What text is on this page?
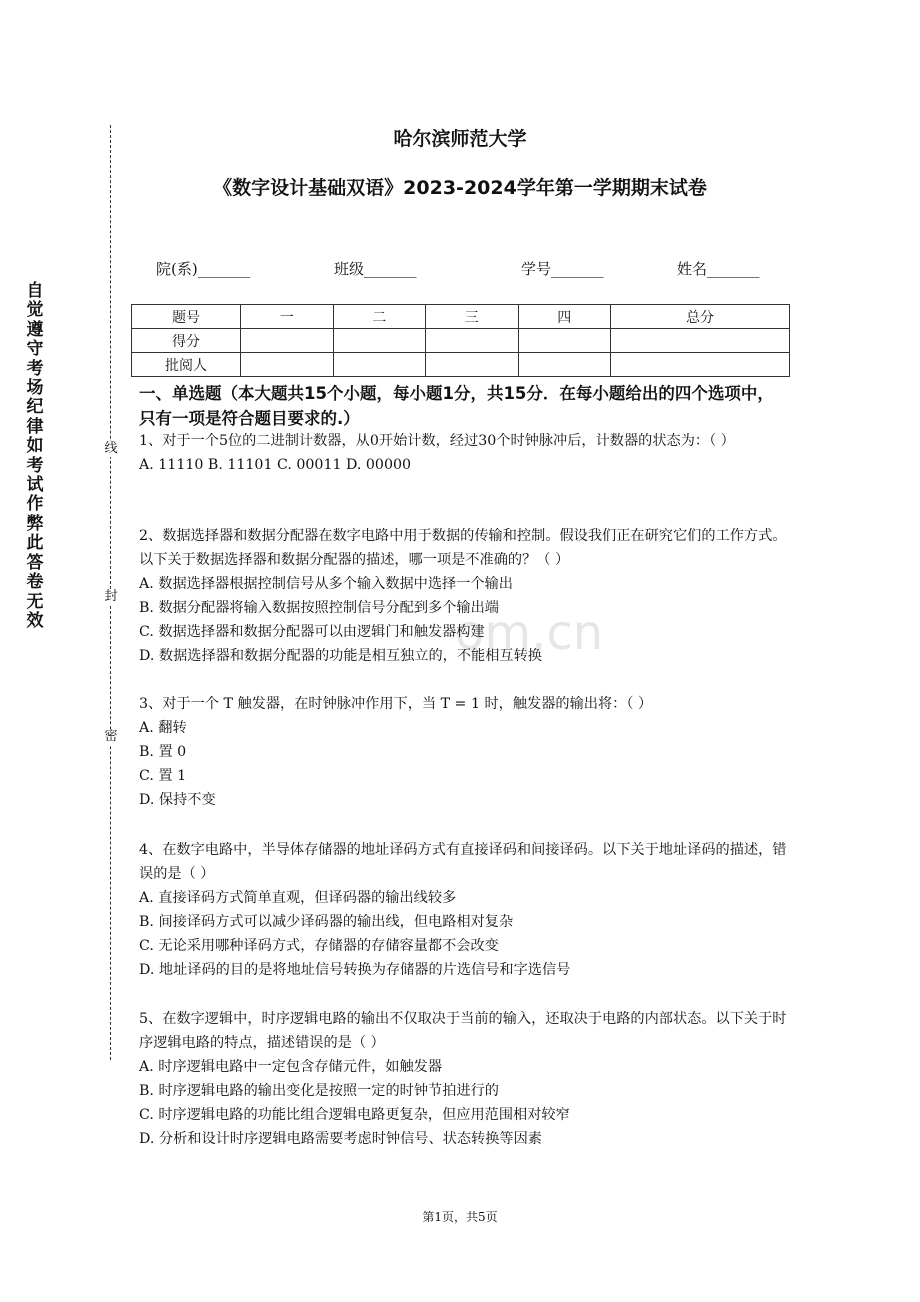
om.cn
线
封
密
自
觉
遵
守
考
场
纪
律
如
考
试
作
弊
此
答
卷
无
效
哈尔滨师范大学
《数字设计基础双语》2023-2024学年第一学期期末试卷
院(系)_______	班级_______	学号_______	姓名_______
题号	一	二	三	四	总分
得分					
批阅人					
一、单选题（本大题共15个小题，每小题1分，共15分．在每小题给出的四个选项中，只有一项是符合题目要求的.）

1、对于一个5位的二进制计数器，从0开始计数，经过30个时钟脉冲后，计数器的状态为：（ ）

A. 11110 B. 11101 C. 00011 D. 00000

2、数据选择器和数据分配器在数字电路中用于数据的传输和控制。假设我们正在研究它们的工作方式。以下关于数据选择器和数据分配器的描述，哪一项是不准确的？（ ）

A. 数据选择器根据控制信号从多个输入数据中选择一个输出

B. 数据分配器将输入数据按照控制信号分配到多个输出端

C. 数据选择器和数据分配器可以由逻辑门和触发器构建

D. 数据选择器和数据分配器的功能是相互独立的，不能相互转换

3、对于一个 T 触发器，在时钟脉冲作用下，当 T = 1 时，触发器的输出将：（ ）

A. 翻转

B. 置 0

C. 置 1

D. 保持不变

4、在数字电路中，半导体存储器的地址译码方式有直接译码和间接译码。以下关于地址译码的描述，错误的是（ ）

A. 直接译码方式简单直观，但译码器的输出线较多

B. 间接译码方式可以减少译码器的输出线，但电路相对复杂

C. 无论采用哪种译码方式，存储器的存储容量都不会改变

D. 地址译码的目的是将地址信号转换为存储器的片选信号和字选信号

5、在数字逻辑中，时序逻辑电路的输出不仅取决于当前的输入，还取决于电路的内部状态。以下关于时序逻辑电路的特点，描述错误的是（ ）

A. 时序逻辑电路中一定包含存储元件，如触发器

B. 时序逻辑电路的输出变化是按照一定的时钟节拍进行的

C. 时序逻辑电路的功能比组合逻辑电路更复杂，但应用范围相对较窄

D. 分析和设计时序逻辑电路需要考虑时钟信号、状态转换等因素

第1页，共5页
